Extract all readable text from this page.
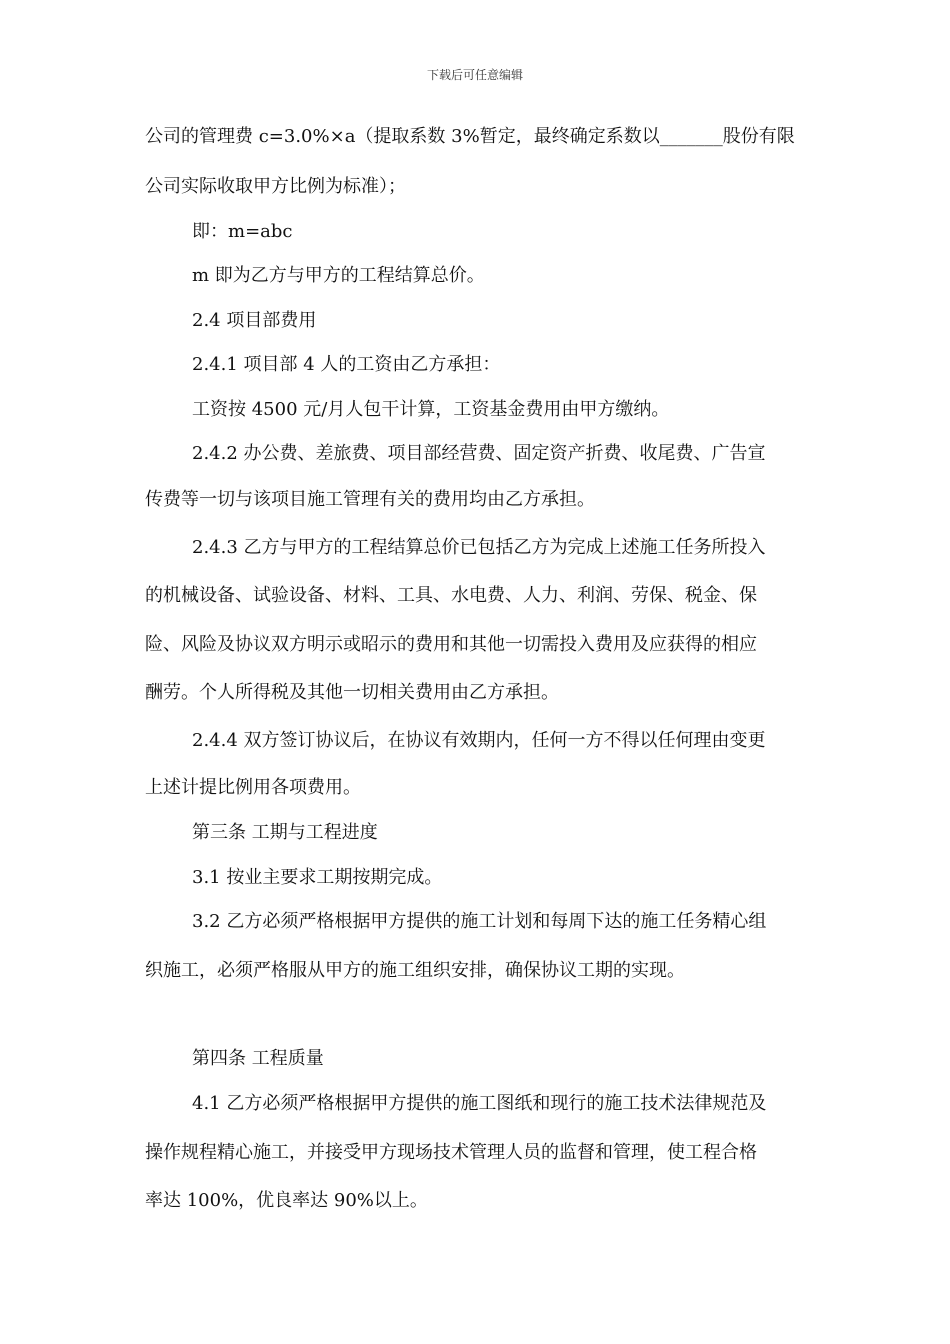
下载后可任意编辑
公司的管理费 c=3.0%×a（提取系数 3%暂定，最终确定系数以_______股份有限
公司实际收取甲方比例为标准）；
即：m=abc
m 即为乙方与甲方的工程结算总价。
2.4 项目部费用
2.4.1 项目部 4 人的工资由乙方承担：
工资按 4500 元/月人包干计算，工资基金费用由甲方缴纳。
2.4.2 办公费、差旅费、项目部经营费、固定资产折费、收尾费、广告宣
传费等一切与该项目施工管理有关的费用均由乙方承担。
2.4.3 乙方与甲方的工程结算总价已包括乙方为完成上述施工任务所投入
的机械设备、试验设备、材料、工具、水电费、人力、利润、劳保、税金、保
险、风险及协议双方明示或昭示的费用和其他一切需投入费用及应获得的相应
酬劳。个人所得税及其他一切相关费用由乙方承担。
2.4.4 双方签订协议后，在协议有效期内，任何一方不得以任何理由变更
上述计提比例用各项费用。
第三条 工期与工程进度
3.1 按业主要求工期按期完成。
3.2 乙方必须严格根据甲方提供的施工计划和每周下达的施工任务精心组
织施工，必须严格服从甲方的施工组织安排，确保协议工期的实现。
第四条 工程质量
4.1 乙方必须严格根据甲方提供的施工图纸和现行的施工技术法律规范及
操作规程精心施工，并接受甲方现场技术管理人员的监督和管理，使工程合格
率达 100%，优良率达 90%以上。
